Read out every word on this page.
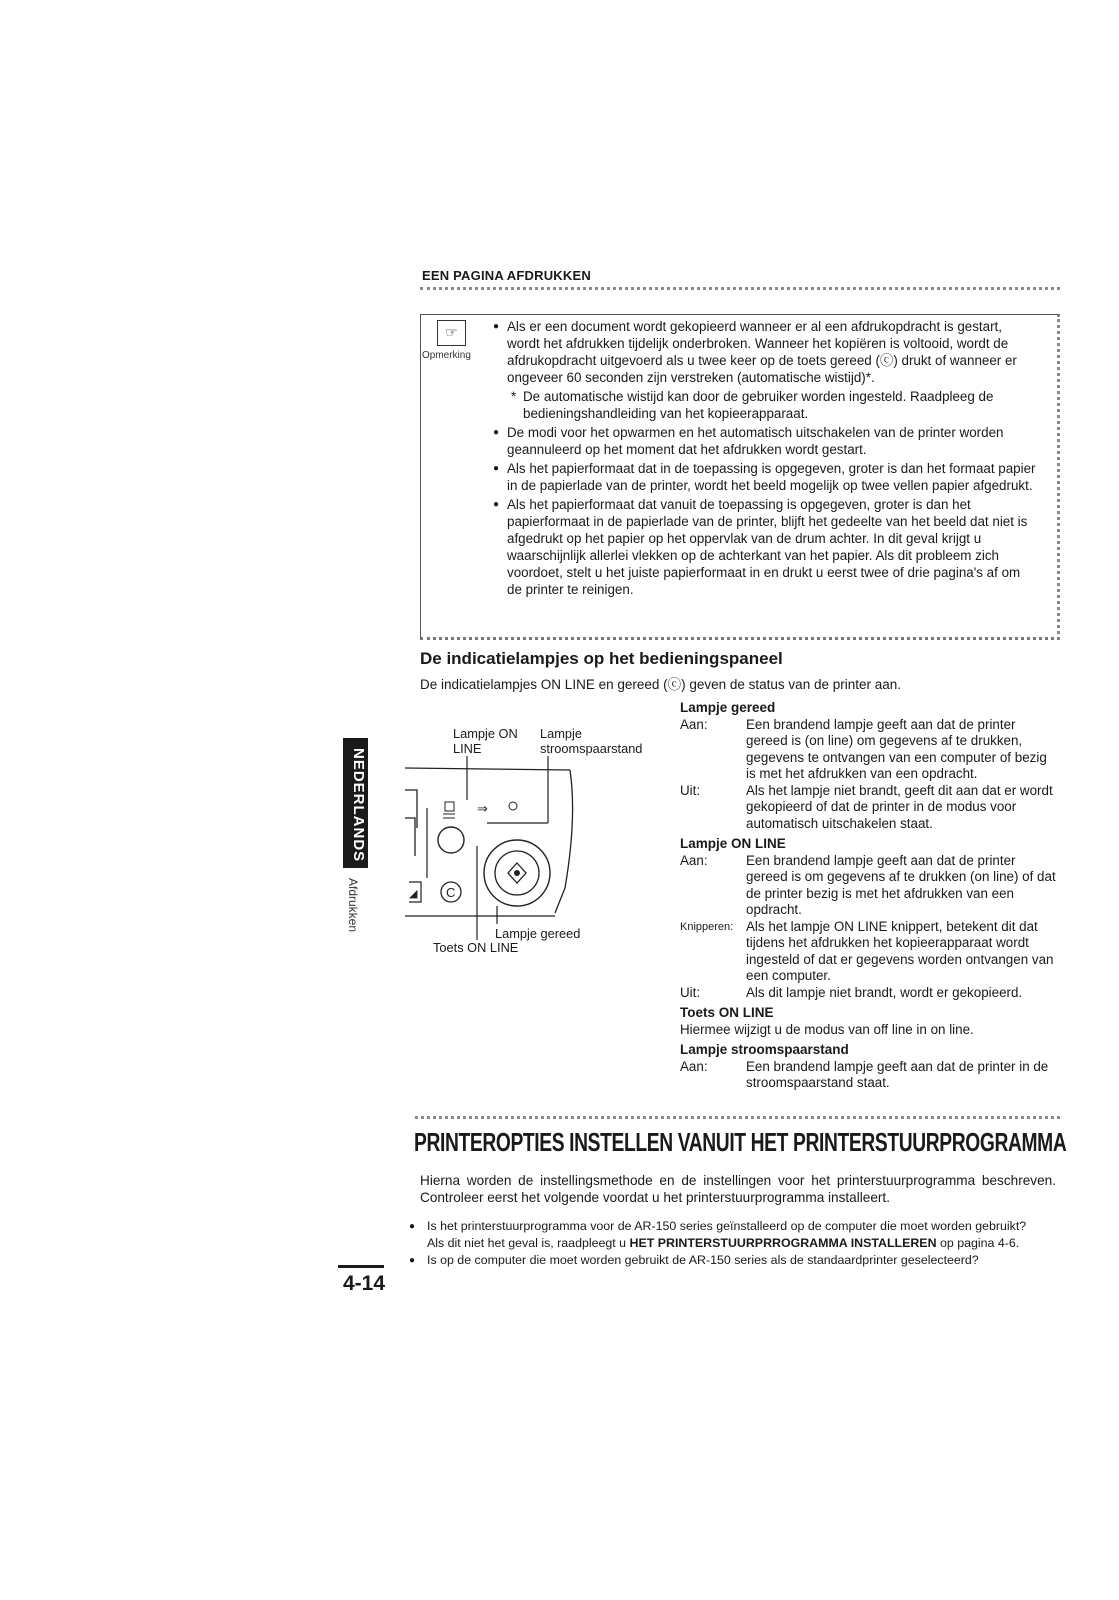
EEN PAGINA AFDRUKKEN
☞
Opmerking

● Als er een document wordt gekopieerd wanneer er al een afdrukopdracht is gestart, wordt het afdrukken tijdelijk onderbroken. Wanneer het kopiëren is voltooid, wordt de afdrukopdracht uitgevoerd als u twee keer op de toets gereed (ⓒ) drukt of wanneer er ongeveer 60 seconden zijn verstreken (automatische wistijd)*.

* De automatische wistijd kan door de gebruiker worden ingesteld. Raadpleeg de bedieningshandleiding van het kopieerapparaat.

● De modi voor het opwarmen en het automatisch uitschakelen van de printer worden geannuleerd op het moment dat het afdrukken wordt gestart.

● Als het papierformaat dat in de toepassing is opgegeven, groter is dan het formaat papier in de papierlade van de printer, wordt het beeld mogelijk op twee vellen papier afgedrukt.

● Als het papierformaat dat vanuit de toepassing is opgegeven, groter is dan het papierformaat in de papierlade van de printer, blijft het gedeelte van het beeld dat niet is afgedrukt op het papier op het oppervlak van de drum achter. In dit geval krijgt u waarschijnlijk allerlei vlekken op de achterkant van het papier. Als dit probleem zich voordoet, stelt u het juiste papierformaat in en drukt u eerst twee of drie pagina's af om de printer te reinigen.

De indicatielampjes op het bedieningspaneel
De indicatielampjes ON LINE en gereed (ⓒ) geven de status van de printer aan.
Lampje ON
LINE
Lampje
stroomspaarstand
⇒
C
◢
Lampje gereed
Toets ON LINE
Lampje gereed
Aan:	Een brandend lampje geeft aan dat de printer gereed is (on line) om gegevens af te drukken, gegevens te ontvangen van een computer of bezig is met het afdrukken van een opdracht.
Uit:	Als het lampje niet brandt, geeft dit aan dat er wordt gekopieerd of dat de printer in de modus voor automatisch uitschakelen staat.
Lampje ON LINE
Aan:	Een brandend lampje geeft aan dat de printer gereed is om gegevens af te drukken (on line) of dat de printer bezig is met het afdrukken van een opdracht.
Knipperen: Als het lampje ON LINE knippert, betekent dit dat tijdens het afdrukken het kopieerapparaat wordt ingesteld of dat er gegevens worden ontvangen van een computer.
Uit:	Als dit lampje niet brandt, wordt er gekopieerd.
Toets ON LINE

Hiermee wijzigt u de modus van off line in on line.

Lampje stroomspaarstand
Aan:	Een brandend lampje geeft aan dat de printer in de stroomspaarstand staat.
NEDERLANDS
Afdrukken
PRINTEROPTIES INSTELLEN VANUIT HET PRINTERSTUURPROGRAMMA
Hierna worden de instellingsmethode en de instellingen voor het printerstuurprogramma beschreven. Controleer eerst het volgende voordat u het printerstuurprogramma installeert.
● Is het printerstuurprogramma voor de AR-150 series geïnstalleerd op de computer die moet worden gebruikt?
Als dit niet het geval is, raadpleegt u HET PRINTERSTUURPRROGRAMMA INSTALLEREN op pagina 4-6.
● Is op de computer die moet worden gebruikt de AR-150 series als de standaardprinter geselecteerd?
4-14
